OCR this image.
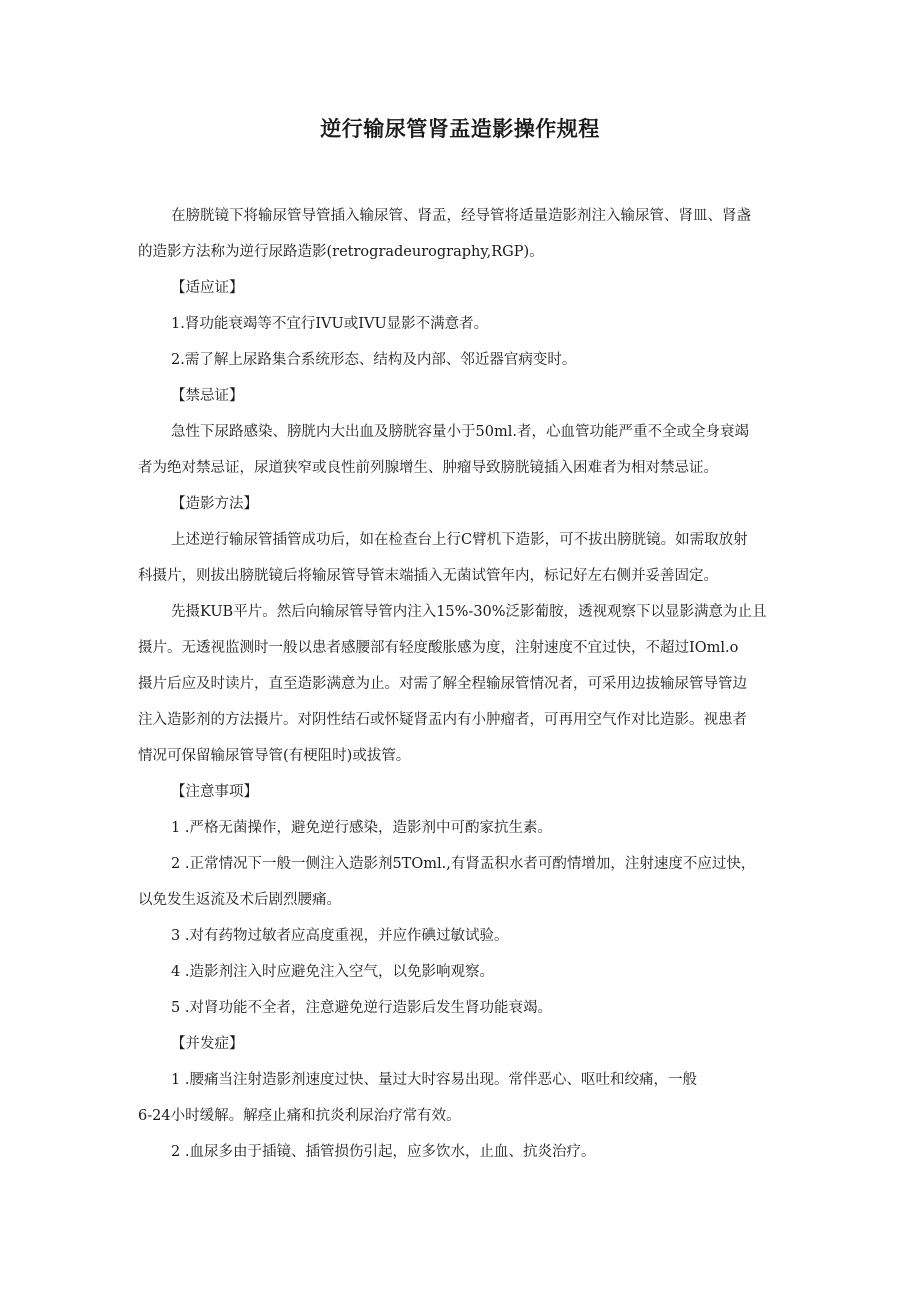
逆行输尿管肾盂造影操作规程

在膀胱镜下将输尿管导管插入输尿管、肾盂，经导管将适量造影剂注入输尿管、肾皿、肾盏

的造影方法称为逆行尿路造影(retrogradeurography,RGP)。

【适应证】

1.肾功能衰竭等不宜行IVU或IVU显影不满意者。

2.需了解上尿路集合系统形态、结构及内部、邻近器官病变时。

【禁忌证】

急性下尿路感染、膀胱内大出血及膀胱容量小于50ml.者，心血管功能严重不全或全身衰竭

者为绝对禁忌证，尿道狭窄或良性前列腺增生、肿瘤导致膀胱镜插入困难者为相对禁忌证。

【造影方法】

上述逆行输尿管插管成功后，如在检查台上行C臂机下造影，可不拔出膀胱镜。如需取放射

科摄片，则拔出膀胱镜后将输尿管导管末端插入无菌试管年内，标记好左右侧并妥善固定。

先摄KUB平片。然后向输尿管导管内注入15%-30%泛影葡胺，透视观察下以显影满意为止且

摄片。无透视监测时一般以患者感腰部有轻度酸胀感为度，注射速度不宜过快，不超过IOml.o

摄片后应及时读片，直至造影满意为止。对需了解全程输尿管情况者，可采用边拔输尿管导管边

注入造影剂的方法摄片。对阴性结石或怀疑肾盂内有小肿瘤者，可再用空气作对比造影。视患者

情况可保留输尿管导管(有梗阻时)或拔管。

【注意事项】

1 .严格无菌操作，避免逆行感染，造影剂中可酌家抗生素。

2 .正常情况下一般一侧注入造影剂5TOml.,有肾盂积水者可酌情增加，注射速度不应过快，

以免发生返流及术后剧烈腰痛。

3 .对有药物过敏者应高度重视，并应作碘过敏试验。

4 .造影剂注入时应避免注入空气，以免影响观察。

5 .对肾功能不全者，注意避免逆行造影后发生肾功能衰竭。

【并发症】

1 .腰痛当注射造影剂速度过快、量过大时容易出现。常伴恶心、呕吐和绞痛，一般

6-24小时缓解。解痉止痛和抗炎利尿治疗常有效。

2 .血尿多由于插镜、插管损伤引起，应多饮水，止血、抗炎治疗。
